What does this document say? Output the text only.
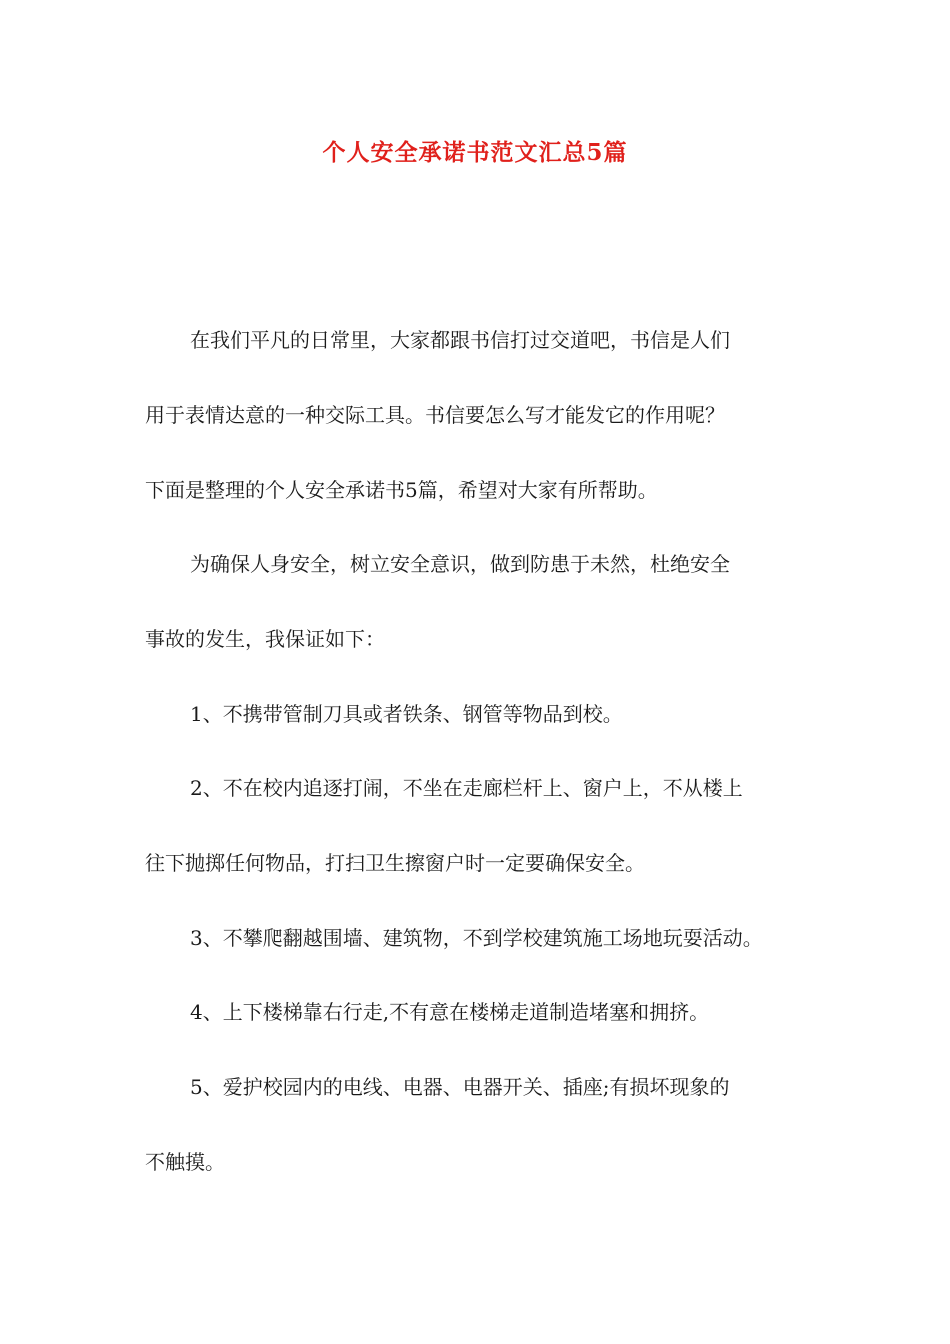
个人安全承诺书范文汇总5篇
在我们平凡的日常里，大家都跟书信打过交道吧，书信是人们
用于表情达意的一种交际工具。书信要怎么写才能发它的作用呢？
下面是整理的个人安全承诺书5篇，希望对大家有所帮助。
为确保人身安全，树立安全意识，做到防患于未然，杜绝安全
事故的发生，我保证如下：
1、不携带管制刀具或者铁条、钢管等物品到校。
2、不在校内追逐打闹，不坐在走廊栏杆上、窗户上，不从楼上
往下抛掷任何物品，打扫卫生擦窗户时一定要确保安全。
3、不攀爬翻越围墙、建筑物，不到学校建筑施工场地玩耍活动。
4、上下楼梯靠右行走,不有意在楼梯走道制造堵塞和拥挤。
5、爱护校园内的电线、电器、电器开关、插座;有损坏现象的
不触摸。
